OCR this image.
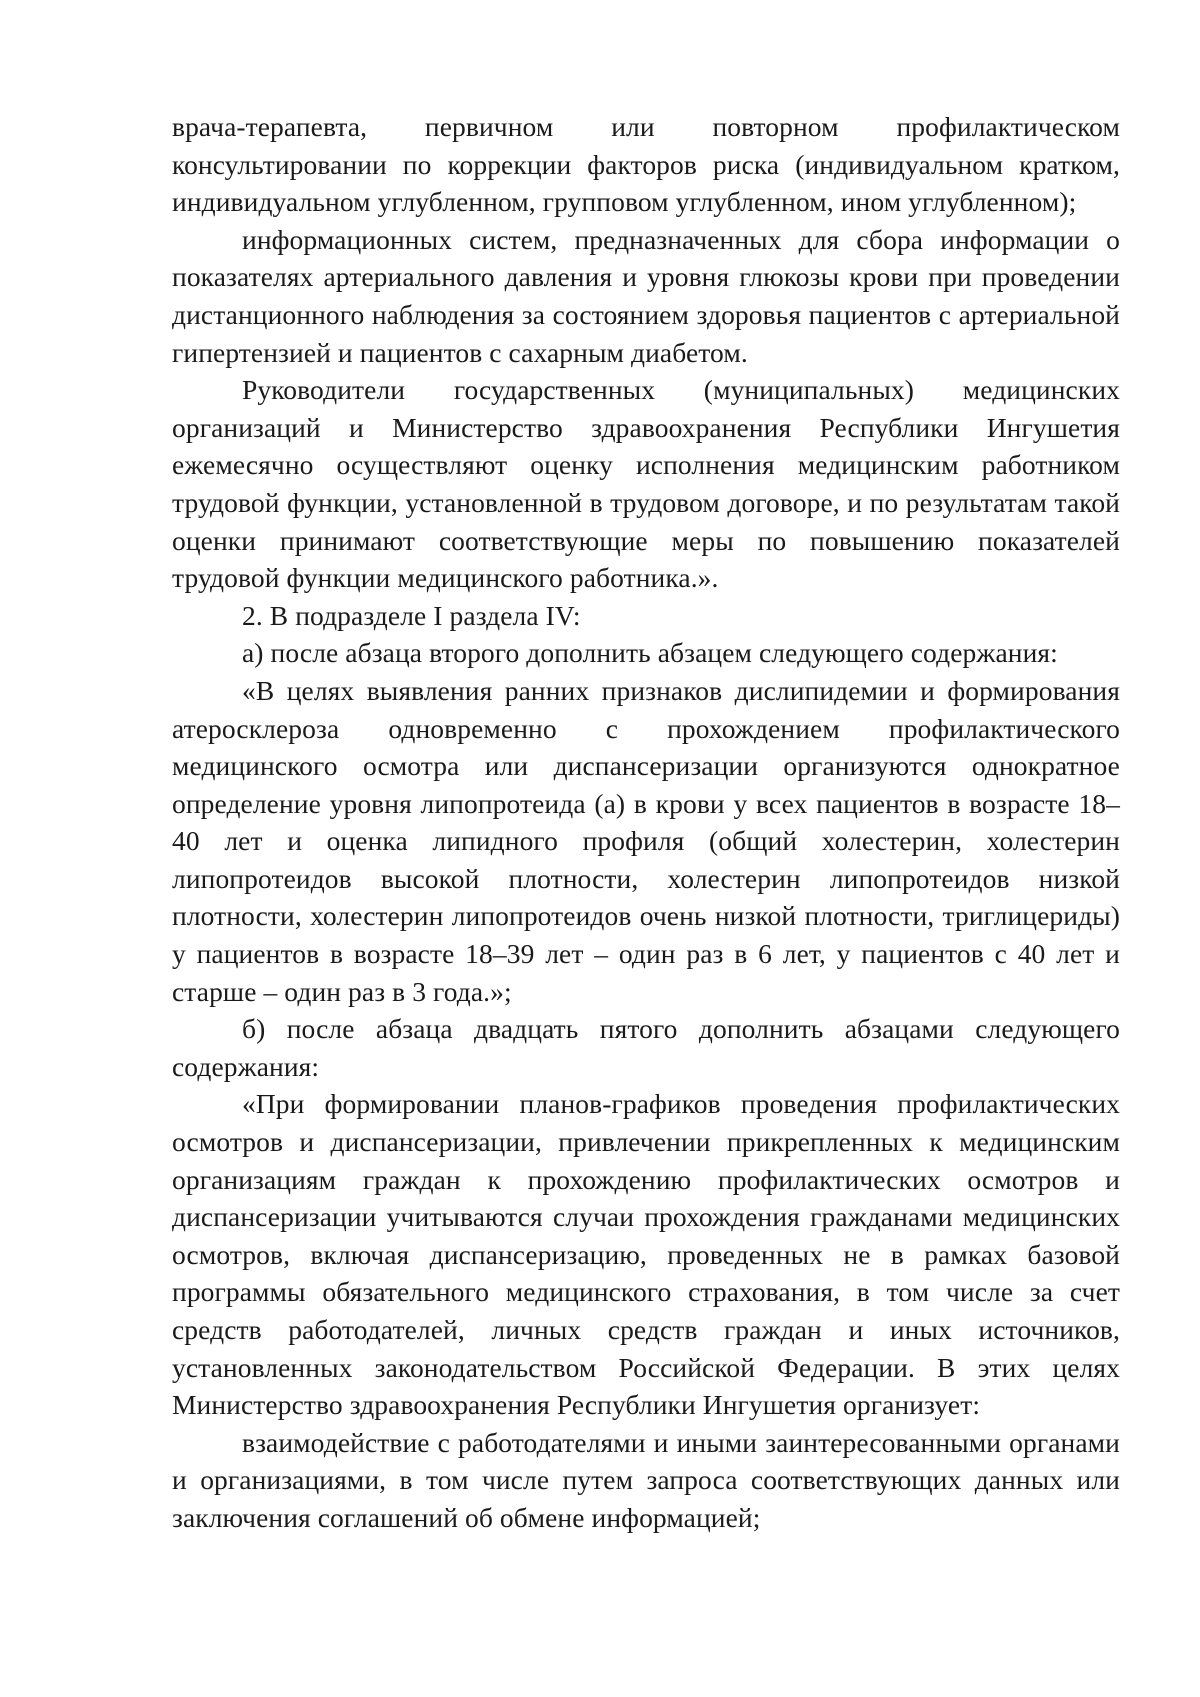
врача-терапевта, первичном или повторном профилактическом консультировании по коррекции факторов риска (индивидуальном кратком, индивидуальном углубленном, групповом углубленном, ином углубленном);

информационных систем, предназначенных для сбора информации о показателях артериального давления и уровня глюкозы крови при проведении дистанционного наблюдения за состоянием здоровья пациентов с артериальной гипертензией и пациентов с сахарным диабетом.

Руководители государственных (муниципальных) медицинских организаций и Министерство здравоохранения Республики Ингушетия ежемесячно осуществляют оценку исполнения медицинским работником трудовой функции, установленной в трудовом договоре, и по результатам такой оценки принимают соответствующие меры по повышению показателей трудовой функции медицинского работника.».

2. В подразделе I раздела IV:

а) после абзаца второго дополнить абзацем следующего содержания:

«В целях выявления ранних признаков дислипидемии и формирования атеросклероза одновременно с прохождением профилактического медицинского осмотра или диспансеризации организуются однократное определение уровня липопротеида (а) в крови у всех пациентов в возрасте 18–40 лет и оценка липидного профиля (общий холестерин, холестерин липопротеидов высокой плотности, холестерин липопротеидов низкой плотности, холестерин липопротеидов очень низкой плотности, триглицериды) у пациентов в возрасте 18–39 лет – один раз в 6 лет, у пациентов с 40 лет и старше – один раз в 3 года.»;

б) после абзаца двадцать пятого дополнить абзацами следующего содержания:

«При формировании планов-графиков проведения профилактических осмотров и диспансеризации, привлечении прикрепленных к медицинским организациям граждан к прохождению профилактических осмотров и диспансеризации учитываются случаи прохождения гражданами медицинских осмотров, включая диспансеризацию, проведенных не в рамках базовой программы обязательного медицинского страхования, в том числе за счет средств работодателей, личных средств граждан и иных источников, установленных законодательством Российской Федерации. В этих целях Министерство здравоохранения Республики Ингушетия организует:

взаимодействие с работодателями и иными заинтересованными органами и организациями, в том числе путем запроса соответствующих данных или заключения соглашений об обмене информацией;
